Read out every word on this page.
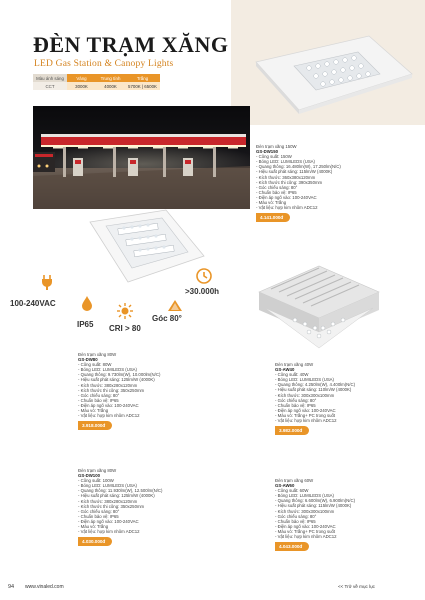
ĐÈN TRẠM XĂNG
LED Gas Station & Canopy Lights
Màu ánh sáng	Vàng	Trung tính	Trắng
CCT	3000K	4000K	5700K | 6500K
100-240VAC
IP65 CRI > 80
Góc 80°
>30.000h
Đèn trạm xăng 150W
GS-DW150
- Công suất: 150W
- Bóng LED: LUMILEDS (USA)
- Quang thông: 16.480lm(W), 17.250lm(N/C)
- Hiệu suất phát sáng: 115lm/W (4000K)
- Kích thước: 360x380x120mm
- Kích thước thi công: 390x350mm
- Góc chiếu sáng: 80°
- Chuẩn bảo vệ: IP65
- Điện áp ngõ vào: 100-240VAC
- Màu vỏ: Trắng
- Vật liệu: hợp kim nhôm ADC12
4.141.000đ
Đèn trạm xăng 80W
GS-DW80
- Công suất: 80W
- Bóng LED: LUMILEDS (USA)
- Quang thông: 9.730lm(W), 10.000lm(N/C)
- Hiệu suất phát sáng: 125lm/W (4000K)
- Kích thước: 380x280x120mm
- Kích thước thi công: 350x250mm
- Góc chiếu sáng: 80°
- Chuẩn bảo vệ: IP65
- Điện áp ngõ vào: 100-240VAC
- Màu vỏ: Trắng
- Vật liệu: hợp kim nhôm ADC12
3.918.000đ
Đèn trạm xăng 40W
GS-AW40
- Công suất: 40W
- Bóng LED: LUMILEDS (USA)
- Quang thông: 4.250lm(W), 4.400lm(N/C)
- Hiệu suất phát sáng: 110lm/W (4000K)
- Kích thước: 300x300x100mm
- Góc chiếu sáng: 80°
- Chuẩn bảo vệ: IP65
- Điện áp ngõ vào: 100-240VAC
- Màu vỏ: Trắng+ PC trong suốt
- Vật liệu: hợp kim nhôm ADC12
3.982.000đ
Đèn trạm xăng 80W
GS-DW100
- Công suất: 100W
- Bóng LED: LUMILEDS (USA)
- Quang thông: 11.930lm(W), 12.500lm(N/C)
- Hiệu suất phát sáng: 125lm/W (4000K)
- Kích thước: 380x280x120mm
- Kích thước thi công: 350x250mm
- Góc chiếu sáng: 80°
- Chuẩn bảo vệ: IP65
- Điện áp ngõ vào: 100-240VAC
- Màu vỏ: Trắng
- Vật liệu: hợp kim nhôm ADC12
4.030.000đ
Đèn trạm xăng 60W
GS-AW60
- Công suất: 60W
- Bóng LED: LUMILEDS (USA)
- Quang thông: 6.600lm(W), 6.900lm(N/C)
- Hiệu suất phát sáng: 115lm/W (4000K)
- Kích thước: 300x300x100mm
- Góc chiếu sáng: 80°
- Chuẩn bảo vệ: IP65
- Điện áp ngõ vào: 100-240VAC
- Màu vỏ: Trắng+ PC trong suốt
- Vật liệu: hợp kim nhôm ADC12
4.043.000đ
94 www.vinaled.com	<< Trở về mục lục
